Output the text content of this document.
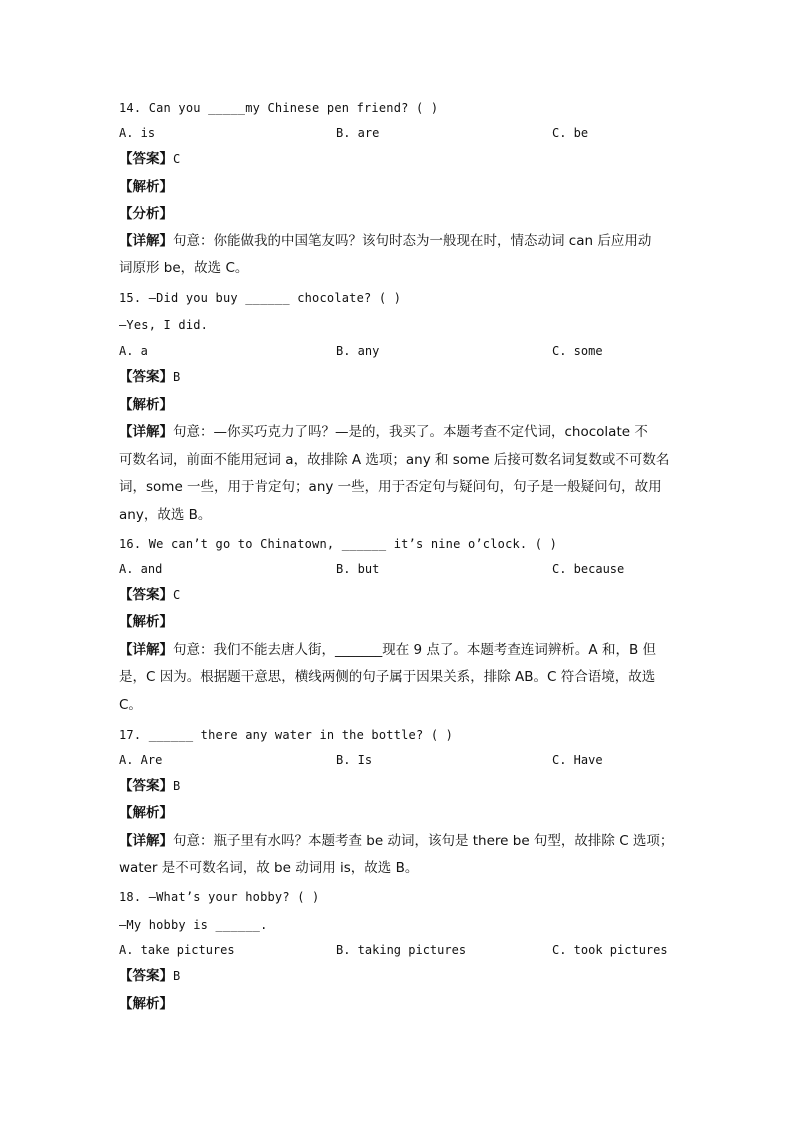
14. Can you _____my Chinese pen friend? ( )
A. is	B. are	C. be
【答案】C
【解析】
【分析】
【详解】句意：你能做我的中国笔友吗？该句时态为一般现在时，情态动词 can 后应用动
词原形 be，故选 C。
15. —Did you buy ______ chocolate? ( )
—Yes, I did.
A. a	B. any	C. some
【答案】B
【解析】
【详解】句意：—你买巧克力了吗？—是的，我买了。本题考查不定代词，chocolate 不
可数名词，前面不能用冠词 a，故排除 A 选项；any 和 some 后接可数名词复数或不可数名
词，some 一些，用于肯定句；any 一些，用于否定句与疑问句，句子是一般疑问句，故用
any，故选 B。
16. We can’t go to Chinatown, ______ it’s nine o’clock. ( )
A. and	B. but	C. because
【答案】C
【解析】
【详解】句意：我们不能去唐人街，_______现在 9 点了。本题考查连词辨析。A 和，B 但
是，C 因为。根据题干意思，横线两侧的句子属于因果关系，排除 AB。C 符合语境，故选
C。
17. ______ there any water in the bottle? ( )
A. Are	B. Is	C. Have
【答案】B
【解析】
【详解】句意：瓶子里有水吗？本题考查 be 动词，该句是 there be 句型，故排除 C 选项；
water 是不可数名词，故 be 动词用 is，故选 B。
18. —What’s your hobby? ( )
—My hobby is ______.
A. take pictures	B. taking pictures	C. took pictures
【答案】B
【解析】
